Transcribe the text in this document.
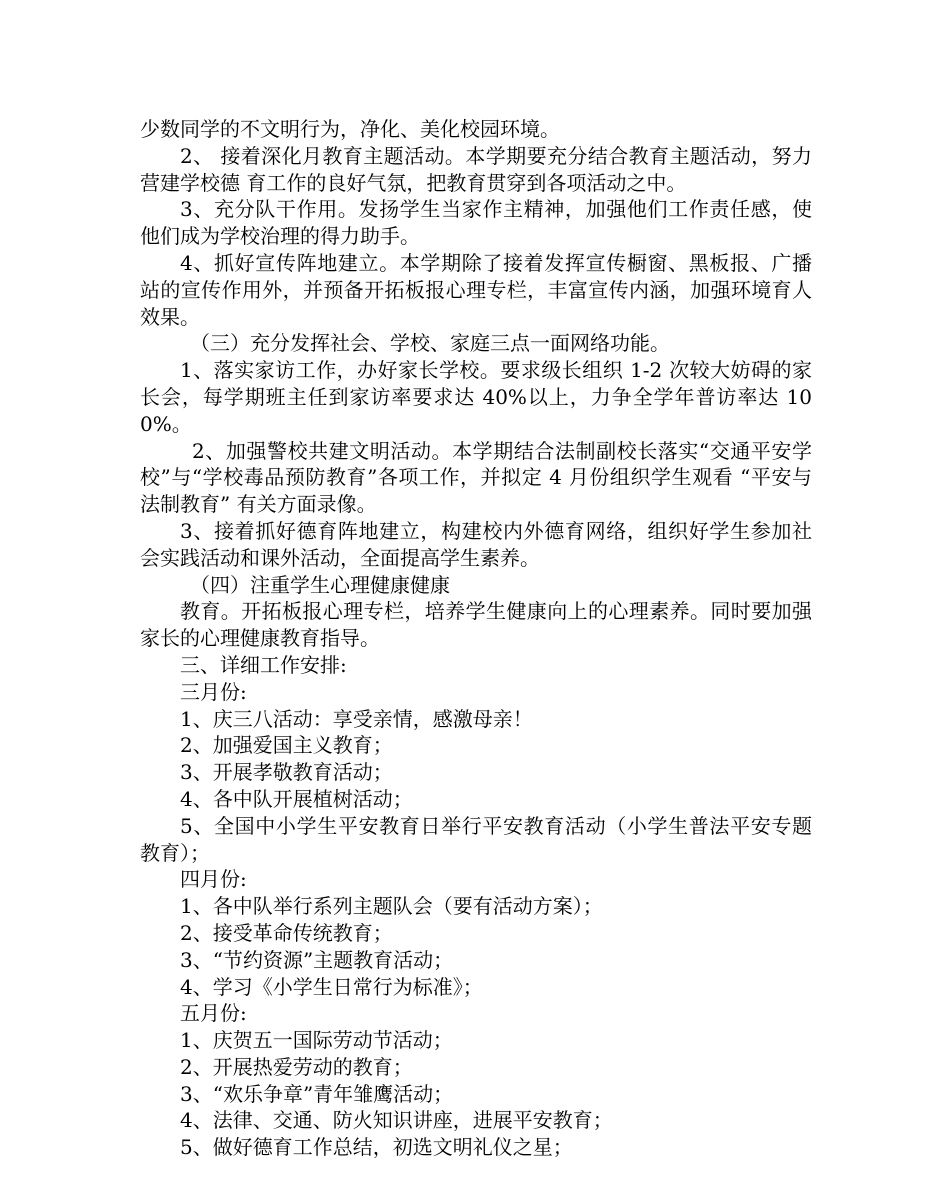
少数同学的不文明行为，净化、美化校园环境。

2、 接着深化月教育主题活动。本学期要充分结合教育主题活动，努力营建学校德 育工作的良好气氛，把教育贯穿到各项活动之中。

3、充分队干作用。发扬学生当家作主精神，加强他们工作责任感，使他们成为学校治理的得力助手。

4、抓好宣传阵地建立。本学期除了接着发挥宣传橱窗、黑板报、广播站的宣传作用外，并预备开拓板报心理专栏，丰富宣传内涵，加强环境育人效果。

（三）充分发挥社会、学校、家庭三点一面网络功能。

1、落实家访工作，办好家长学校。要求级长组织 1-2 次较大妨碍的家长会，每学期班主任到家访率要求达 40%以上，力争全学年普访率达 100%。

2、加强警校共建文明活动。本学期结合法制副校长落实“交通平安学校”与“学校毒品预防教育”各项工作，并拟定 4 月份组织学生观看 “平安与法制教育” 有关方面录像。

3、接着抓好德育阵地建立，构建校内外德育网络，组织好学生参加社会实践活动和课外活动，全面提高学生素养。

（四）注重学生心理健康健康

教育。开拓板报心理专栏，培养学生健康向上的心理素养。同时要加强家长的心理健康教育指导。

三、详细工作安排:

三月份:

1、庆三八活动：享受亲情，感激母亲！

2、加强爱国主义教育；

3、开展孝敬教育活动；

4、各中队开展植树活动；

5、全国中小学生平安教育日举行平安教育活动（小学生普法平安专题教育）；

四月份:

1、各中队举行系列主题队会（要有活动方案）；

2、接受革命传统教育；

3、“节约资源”主题教育活动；

4、学习《小学生日常行为标准》；

五月份:

1、庆贺五一国际劳动节活动；

2、开展热爱劳动的教育；

3、“欢乐争章”青年雏鹰活动；

4、法律、交通、防火知识讲座，进展平安教育；

5、做好德育工作总结，初选文明礼仪之星；
